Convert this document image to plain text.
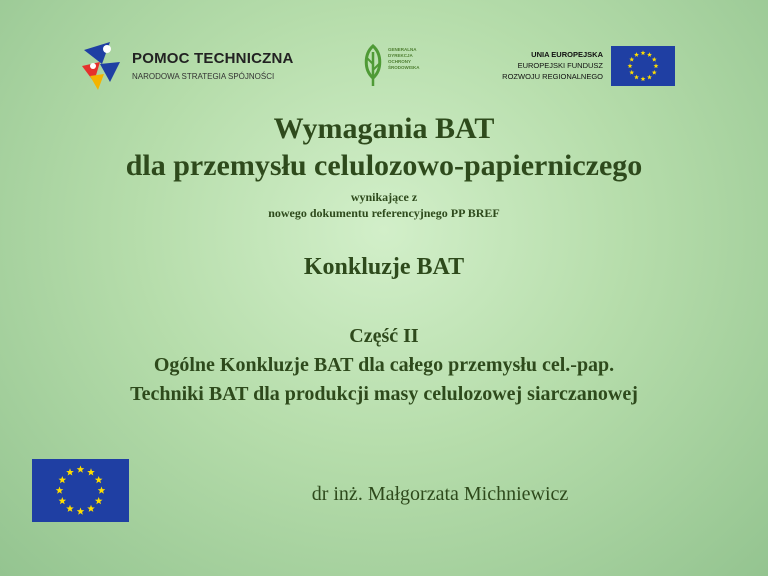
POMOC TECHNICZNA
NARODOWA STRATEGIA SPÓJNOŚCI
GENERALNA
DYREKCJA
OCHRONY
ŚRODOWISKA
UNIA EUROPEJSKA
EUROPEJSKI FUNDUSZ
ROZWOJU REGIONALNEGO
Wymagania BAT
dla przemysłu celulozowo-papierniczego
wynikające z
nowego dokumentu referencyjnego PP BREF
Konkluzje BAT
Część II
Ogólne Konkluzje BAT dla całego przemysłu cel.-pap.
Techniki BAT dla produkcji masy celulozowej siarczanowej
dr inż. Małgorzata Michniewicz
